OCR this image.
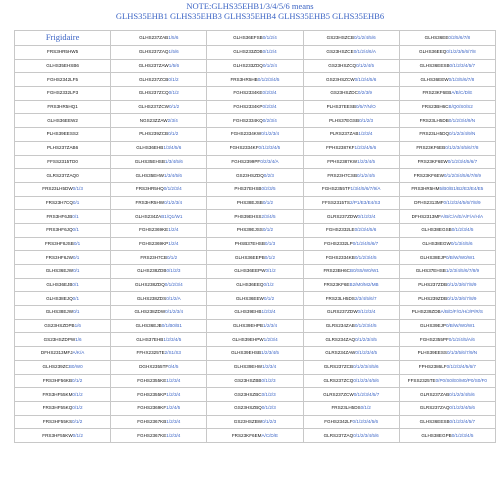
NOTE:GLHS35EHB1/3/4/5/6 means
GLHS35EHB1 GLHS35EHB3 GLHS35EHB4 GLHS35EHB5 GLHS35EHB6
Frigidaire	GLHS237ZAB1/5/6	GLHS36EFSB0/1/2/4	GS23HSZCB0/1/2/4/5/6	GLHS36EE0/2/5/6/7/8
FRS3HR5HW5	GLHS237ZAQ1/5/6	GLHS233ZDB0/1/2/4	GS23HSZCE0/1/2/4/6/A	GLHS36EEQ0/1/2/3/5/6/7/8
GLHS35EHSB6	GLHS237ZAW1/5/6	GLHS233ZDQ0/1/2/4	GS23HSZCQ0/1/2/4/5	GLHS36EESB0/1/2/3/4/5/7
FGHS2342LF5	GLHS237ZCB0/1/2	FRS3HR5HB0/1/2/3/4/5	GS23HSZCW0/1/2/4/5/6	GLHS36EEW0/1/3/5/6/7/8
FGHS2332LP3	GLHS237ZCQ0/1/2	FGHS2334KE0/2/3/4	GS23HSZDC0/2/3/9	FRS23KF6EBA/B/C/D/E
FRS3HR5HQ1	GLHS237ZCW0/1/2	FGHS2334KP0/2/3/4	PLHS37EESB0/5/7/N/O	FRS23BH6CB/Q0/S0/S2
GLHS36EEW2	NGS23ZZAW2/3/4	FGHS2334KQ0/2/3/4	PLHS37EGSB0/1/2/3	FRS23LH5DB0/1/2/3/4/9/N
PLHS39EESS2	PLHS239ZCB0/1/2	FGHS2334KW0/1/2/3/4	PLRS237ZAB1/2/3/4	FRS23LH5DQ0/1/2/3/4/9/N
PLHS237ZAB6	GLHS36EHB1/3/4/5/6	FGHS2334KF0/1/2/3/4/5	FPHS2387KF1/2/3/4/5/6	FRS23KF6EB0/1/2/3/4/5/6/7/8
FFSS2315TD0	GLHS35EHSB1/3/4/5/6	FGHS2399PF0/2/3/4/A	FPHS2387KW1/2/3/4/5	FRS23KF6EW0/1/2/3/4/5/6/7
GLRS237ZAQ0	GLHS35EHW1/3/4/5/6	GS23HSZDQ0/2/3	FRS23H7CSB0/1/2/4/5	FRS23KF6EW0/1/2/3/4/5/6/7/8/9
FRS23LH5DW0/1/3	FRS3HR5HQ0/1/2/3/4	PHS37EHSB0/2/3/5	FGHS2355TF1/3/4/5/6/7/9/A	FRS3HR5HM5/B0/B1/B2/E3/E4/E5
FRS23H7CQ0/1	FRS3HR5HW0/1/2/3/4	PHS38EJSB0/1/2	FFSS2315TS2/P1/E3/E4/S3	DFHS2313MF0/1/2/3/4/5/6/7/8/9
FRS3HF6JB0/1	GLHS234ZAB1/Q1/W1	PHS39EHSS2/3/4/5	GLRS237ZDW0/1/2/3/4	DFHS2313MFA/B/C/A/E/A/F/A/H/A
FRS3HF6JQ0/1	FGHS2369KE1/2/4	PHS39EJSS0/1/2	FGHS2332LE0/2/3/4/5/6	GLHS38EGSB0/1/2/3/4/5
FRS3HF8JSB0/1	FGHS2369KP1/2/4	PHSB37EHSB0/1/3	FGHS2332LP0/1/2/4/5/6/7	GLHS38EGW0/1/3/4/5/6
FRS3HF6JW0/1	FRS23H7CB0/1/2	GLHS36EEPB0/1/2	FGHS2334KB0/1/2/3/4/5	GLHS38EJP0/B/W/W0/W1
GLHS36EJW0/1	GLHS238ZDB0/1/2/3	GLHS36EEPW0/1/2	FRS23BH6CB0/S5/W0/W1	GLHS37EHSB1/2/3/4/5/6/7/8/9
GLHS36EJB0/1	GLHS238ZDQ0/1/2/3/4	GLHS36EEQ0/1/2	FRS23KF6EB2/M0/M2/MB	PLHS237ZDB0/1/2/3/6/7/8/9
GLHS38EJQ0/1	GLHS238ZDS0/1/2/A	GLHS36EEW0/1/2	FRS23LH5DS2/3/4/5/6/7	PLHS239ZDB0/1/2/3/6/7/8/9
GLHS38EJW0/1	GLHS238ZDW0/1/2/3/4	GLHS39EHB1/2/3/4	GLRS237ZDW0/1/2/3/4	PLHS239ZDBA/B/D/F/G/H/J/P/R/S
GS23HSZDPB1/6	GLHS36EJB0/1/B0/B1	GLHS39EHPB1/2/3/4	GLRS234ZAB0/1/2/3/4/5	GLHS39EJP0/B/W/W0/W1
GS23HSZDPW1/6	GLHS37EHB1/2/3/4/5	GLHS39EHPW1/2/3/4	GLRS234ZAQ0/1/2/3/4/5	FGHS2355PF0/1/2/4/5/A/6
DFHS2313MFJA/K/A	FFHX2325TE2/S1/S3	GLHS39EHSB1/2/3/4/5	GLRS234ZAW0/1/2/3/4/5	PLHS39EESS0/1/3/5/6/7/9/N
GLHS239ZCB0/W0	DGHX2355TF0/4/5	GLHS39EHW1/2/3/4	GLRS237ZCB0/1/2/3/4/5/6	FPHS2386LF0/1/2/3/4/5/6/7
FRS3HF56KB0/1/2	FGHS2355KE1/2/3/4	GS23HSZBB0/1/2/3	GLRS237ZCQ0/1/2/3/4/5/6	FFSS2325TE0/P0/S0/E0/M0/P0/S0/F0
FRS3HF55KM0/1/2	FGHS2355KP1/2/3/4	GS23HSZBC0/1/2/3	GLRS237ZCW0/1/2/3/4/5/7	GLRS237ZAB0/1/2/3/4/5/6
FRS3HF55KQ0/1/2	FGHS2369KF1/2/4/5	GS23HSZBQ0/1/2/3	FRS23LH5DS0/1/2	GLRS237ZAQ0/1/2/3/4/5/6
FRS3HF55KS0/1/2	FGHS2367KB1/2/3/4	GS23HSZBW0/1/2/3	FGHS2342LF0/1/2/3/4/5/6	GLHS36EESB0/1/2/3/4/5/7
FRS3HF55KW0/1/2	FGHS2367KE1/2/3/4	FRS23KF6EMA/C/D/E	GLRS237ZAQ0/1/2/3/4/5/6	GLHS38EGPB0/1/2/3/4/5
